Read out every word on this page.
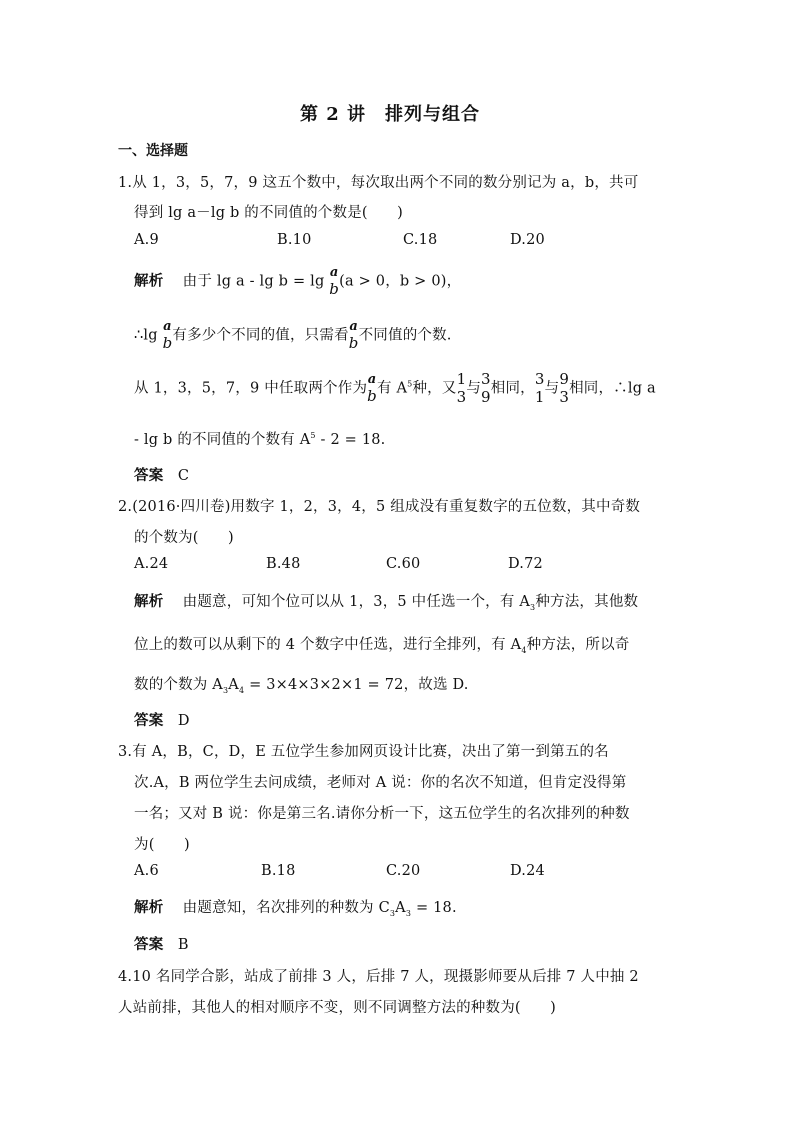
第 2 讲　排列与组合
一、选择题
1.从 1，3，5，7，9 这五个数中，每次取出两个不同的数分别记为 a，b，共可
得到 lg a－lg b 的不同值的个数是(　　)
A.9	B.10	C.18	D.20
解析 由于 lg a - lg b = lg
a
b (a > 0，b > 0)，
∴lg
a
b 有多少个不同的值，只需看
a
b 不同值的个数.
从 1，3，5，7，9 中任取两个作为
a
b 有 $A^5$种，又
1
3 与
3
9 相同，
3
1 与
9
3 相同，∴lg a
- lg b 的不同值的个数有 $A^5 - 2 = 18$.
答案 C
2.(2016·四川卷)用数字 1，2，3，4，5 组成没有重复数字的五位数，其中奇数
的个数为(　　)
A.24	B.48	C.60	D.72
解析 由题意，可知个位可以从 1，3，5 中任选一个，有 $A_3$种方法，其他数
位上的数可以从剩下的 4 个数字中任选，进行全排列，有 $A_4$种方法，所以奇
数的个数为 $A_3A_4 = 3\times 4\times 3\times 2\times 1 = 72$，故选 D.
答案 D
3.有 A，B，C，D，E 五位学生参加网页设计比赛，决出了第一到第五的名
次.A，B 两位学生去问成绩，老师对 A 说：你的名次不知道，但肯定没得第
一名；又对 B 说：你是第三名.请你分析一下，这五位学生的名次排列的种数
为(　　)
A.6	B.18	C.20	D.24
解析 由题意知，名次排列的种数为 $C_3A_3 = 18$.
答案 B
4.10 名同学合影，站成了前排 3 人，后排 7 人，现摄影师要从后排 7 人中抽 2
人站前排，其他人的相对顺序不变，则不同调整方法的种数为(　　)
